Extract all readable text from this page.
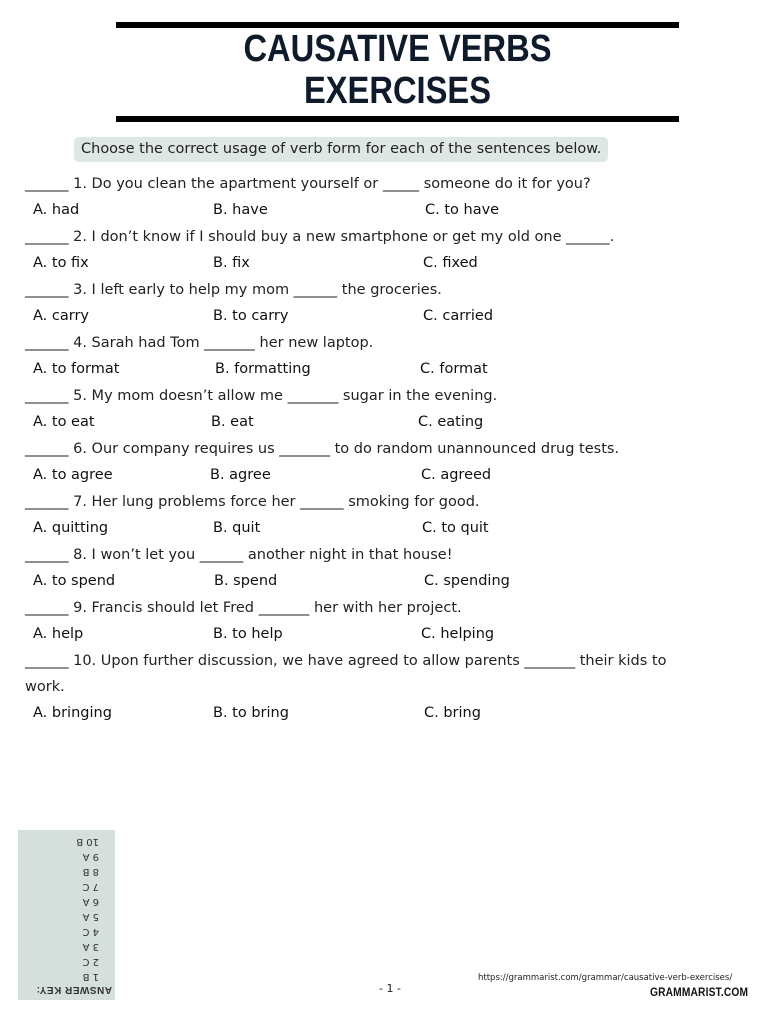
CAUSATIVE VERBS
EXERCISES
Choose the correct usage of verb form for each of the sentences below.
______ 1. Do you clean the apartment yourself or _____ someone do it for you?
A. had	B. have	C. to have
______ 2. I don’t know if I should buy a new smartphone or get my old one ______.
A. to fix	B. fix	C. fixed
______ 3. I left early to help my mom ______ the groceries.
A. carry	B. to carry	C. carried
______ 4. Sarah had Tom _______ her new laptop.
A. to format	B. formatting	C. format
______ 5. My mom doesn’t allow me _______ sugar in the evening.
A. to eat	B. eat	C. eating
______ 6. Our company requires us _______ to do random unannounced drug tests.
A. to agree	B. agree	C. agreed
______ 7. Her lung problems force her ______ smoking for good.
A. quitting	B. quit	C. to quit
______ 8. I won’t let you ______ another night in that house!
A. to spend	B. spend	C. spending
______ 9. Francis should let Fred _______ her with her project.
A. help	B. to help	C. helping
______ 10. Upon further discussion, we have agreed to allow parents _______ their kids to work.
A. bringing	B. to bring	C. bring
ANSWER KEY:
1 B
2 C
3 A
4 C
5 A
6 A
7 C
8 B
9 A
10 B
- 1 -
https://grammarist.com/grammar/causative-verb-exercises/
GRAMMARIST.COM
